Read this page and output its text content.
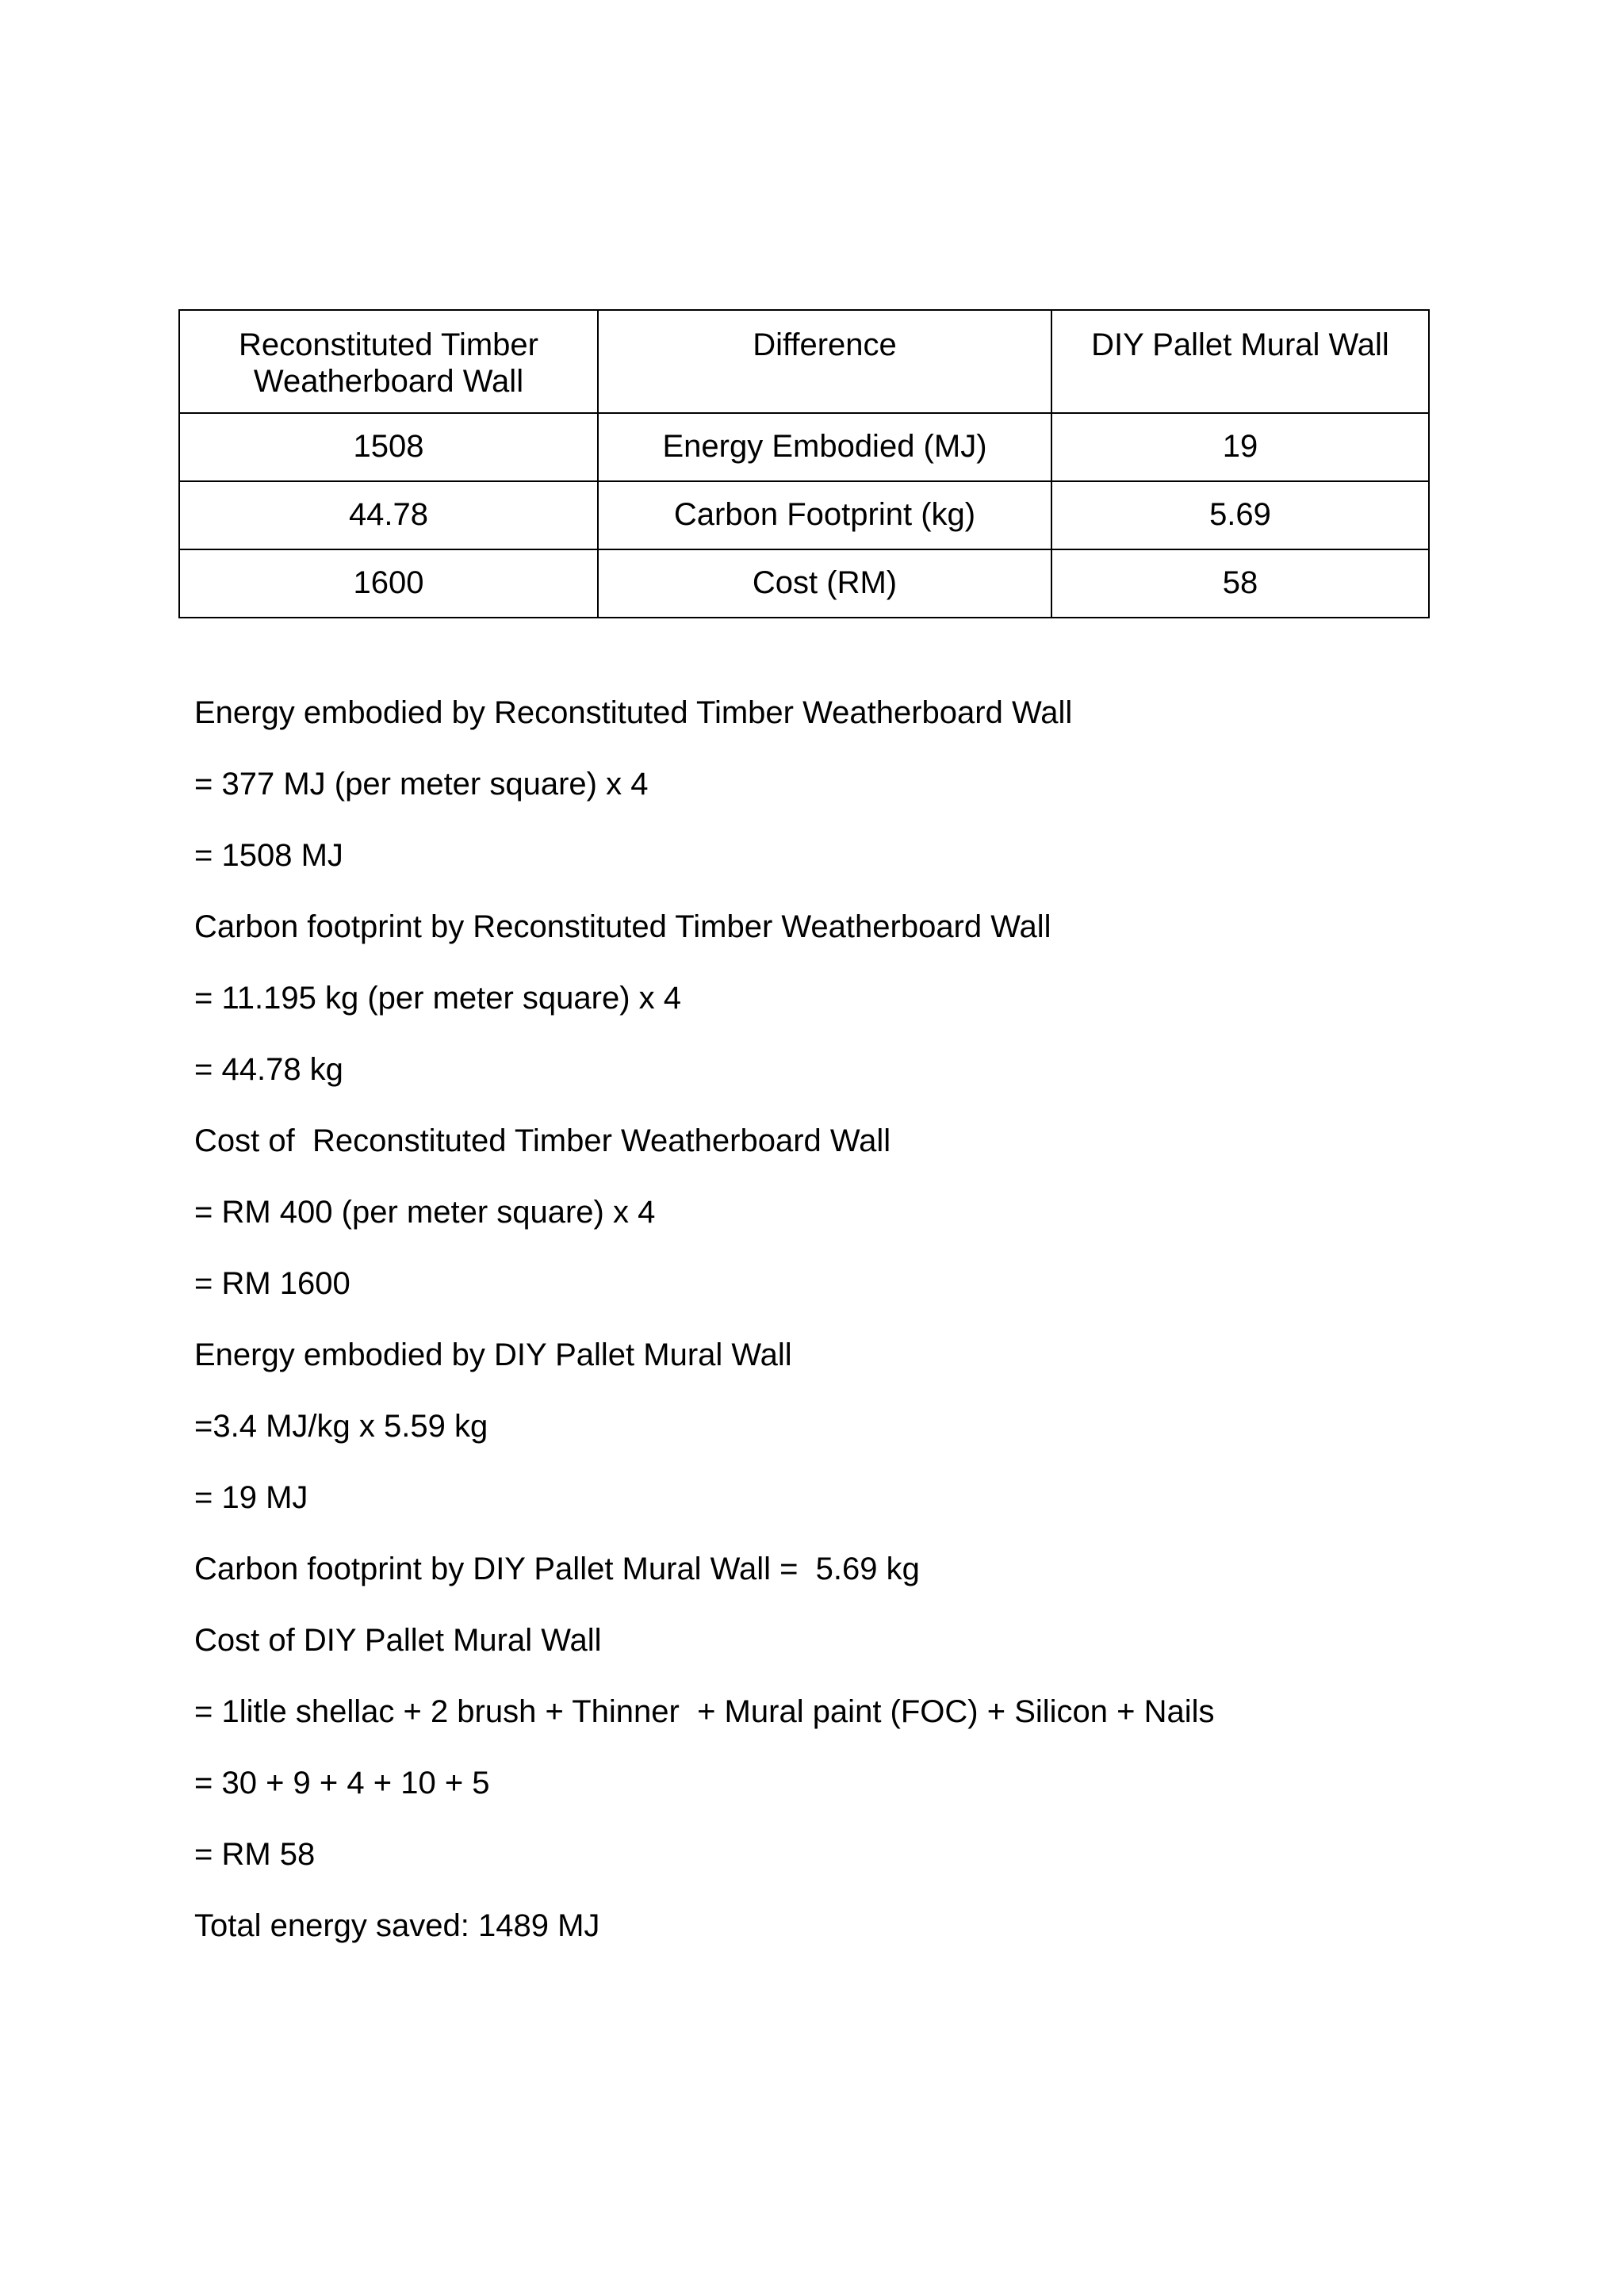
Reconstituted Timber Weatherboard Wall	Difference	DIY Pallet Mural Wall
1508	Energy Embodied (MJ)	19
44.78	Carbon Footprint (kg)	5.69
1600	Cost (RM)	58
Energy embodied by Reconstituted Timber Weatherboard Wall
= 377 MJ (per meter square) x 4
= 1508 MJ
Carbon footprint by Reconstituted Timber Weatherboard Wall
= 11.195 kg (per meter square) x 4
= 44.78 kg
Cost of  Reconstituted Timber Weatherboard Wall
= RM 400 (per meter square) x 4
= RM 1600
Energy embodied by DIY Pallet Mural Wall
=3.4 MJ/kg x 5.59 kg
= 19 MJ
Carbon footprint by DIY Pallet Mural Wall =  5.69 kg
Cost of DIY Pallet Mural Wall
= 1litle shellac + 2 brush + Thinner  + Mural paint (FOC) + Silicon + Nails
= 30 + 9 + 4 + 10 + 5
= RM 58
Total energy saved: 1489 MJ
